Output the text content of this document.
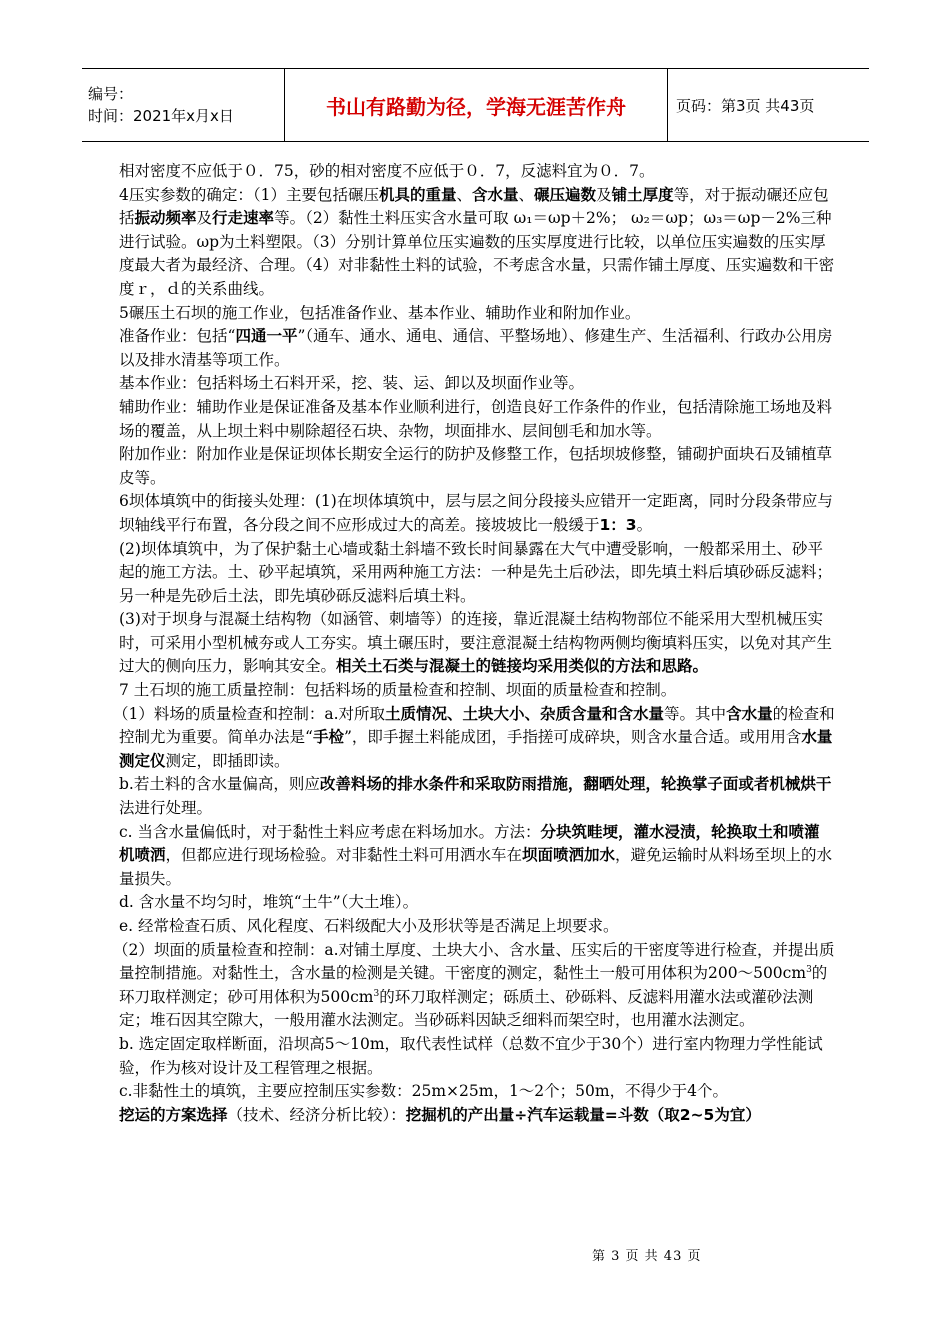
编号：
时间：2021年x月x日	书山有路勤为径，学海无涯苦作舟	页码：第3页 共43页

相对密度不应低于０．75，砂的相对密度不应低于０．7，反滤料宜为０．7。

4压实参数的确定：（1）主要包括碾压机具的重量、含水量、碾压遍数及铺土厚度等，对于振动碾还应包括振动频率及行走速率等。（2）黏性土料压实含水量可取 ω₁＝ωp＋2%； ω₂＝ωp；ω₃＝ωp－2%三种进行试验。ωp为土料塑限。（3）分别计算单位压实遍数的压实厚度进行比较，以单位压实遍数的压实厚度最大者为最经济、合理。（4）对非黏性土料的试验，不考虑含水量，只需作铺土厚度、压实遍数和干密度ｒ，ｄ的关系曲线。

5碾压土石坝的施工作业，包括准备作业、基本作业、辅助作业和附加作业。

准备作业：包括“四通一平”（通车、通水、通电、通信、平整场地）、修建生产、生活福利、行政办公用房以及排水清基等项工作。

基本作业：包括料场土石料开采，挖、装、运、卸以及坝面作业等。

辅助作业：辅助作业是保证准备及基本作业顺利进行，创造良好工作条件的作业，包括清除施工场地及料场的覆盖，从上坝土料中剔除超径石块、杂物，坝面排水、层间刨毛和加水等。

附加作业：附加作业是保证坝体长期安全运行的防护及修整工作，包括坝坡修整，铺砌护面块石及铺植草皮等。

6坝体填筑中的街接头处理：(1)在坝体填筑中，层与层之间分段接头应错开一定距离，同时分段条带应与坝轴线平行布置，各分段之间不应形成过大的高差。接坡坡比一般缓于1：3。

(2)坝体填筑中，为了保护黏土心墙或黏土斜墙不致长时间暴露在大气中遭受影响，一般都采用土、砂平起的施工方法。土、砂平起填筑，采用两种施工方法：一种是先土后砂法，即先填土料后填砂砾反滤料；另一种是先砂后土法，即先填砂砾反滤料后填土料。

(3)对于坝身与混凝土结构物（如涵管、刺墙等）的连接，靠近混凝土结构物部位不能采用大型机械压实时，可采用小型机械夯或人工夯实。填土碾压时，要注意混凝土结构物两侧均衡填料压实，以免对其产生过大的侧向压力，影响其安全。相关土石类与混凝土的链接均采用类似的方法和思路。

7 土石坝的施工质量控制：包括料场的质量检查和控制、坝面的质量检查和控制。

（1）料场的质量检查和控制：a.对所取土质情况、土块大小、杂质含量和含水量等。其中含水量的检查和控制尤为重要。简单办法是“手检”，即手握土料能成团，手指搓可成碎块，则含水量合适。或用用含水量测定仪测定，即插即读。

b.若土料的含水量偏高，则应改善料场的排水条件和采取防雨措施，翻晒处理，轮换掌子面或者机械烘干法进行处理。

c. 当含水量偏低时，对于黏性土料应考虑在料场加水。方法：分块筑畦埂，灌水浸渍，轮换取土和喷灌机喷洒，但都应进行现场检验。对非黏性土料可用洒水车在坝面喷洒加水，避免运输时从料场至坝上的水量损失。

d. 含水量不均匀时，堆筑“土牛”（大土堆）。

e. 经常检查石质、风化程度、石料级配大小及形状等是否满足上坝要求。

（2）坝面的质量检查和控制：a.对铺土厚度、土块大小、含水量、压实后的干密度等进行检查，并提出质量控制措施。对黏性土，含水量的检测是关键。干密度的测定，黏性土一般可用体积为$200\sim 500cm^3$的环刀取样测定；砂可用体积为$500cm^3$的环刀取样测定；砾质土、砂砾料、反滤料用灌水法或灌砂法测定；堆石因其空隙大，一般用灌水法测定。当砂砾料因缺乏细料而架空时，也用灌水法测定。

b. 选定固定取样断面，沿坝高5～10m，取代表性试样（总数不宜少于30个）进行室内物理力学性能试验，作为核对设计及工程管理之根据。

c.非黏性土的填筑，主要应控制压实参数：25m×25m，1～2个；50m，不得少于4个。

挖运的方案选择（技术、经济分析比较）：挖掘机的产出量÷汽车运载量=斗数（取2~5为宜）

第 3 页 共 43 页
